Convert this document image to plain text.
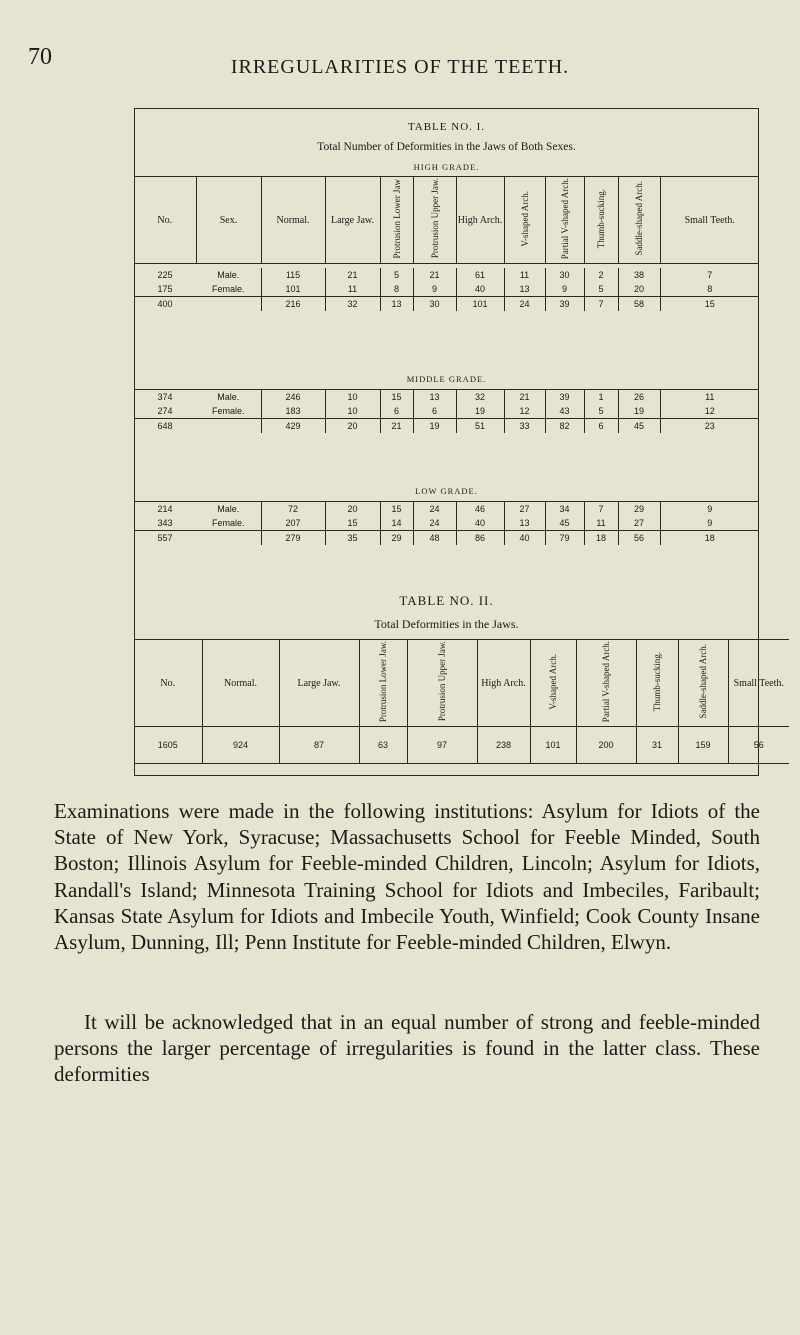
70	IRREGULARITIES OF THE TEETH.
TABLE NO. I.
Total Number of Deformities in the Jaws of Both Sexes.
HIGH GRADE.
No.	Sex.	Normal.	Large Jaw.	Protrusion Lower Jaw	Protrusion Upper Jaw.	High Arch.	V-shaped Arch.	Partial V-shaped Arch.	Thumb-sucking.	Saddle-shaped Arch.	Small Teeth.
225	Male.	115	21	5	21	61	11	30	2	38	7
175	Female.	101	11	8	9	40	13	9	5	20	8
400		216	32	13	30	101	24	39	7	58	15
MIDDLE GRADE.
374	Male.	246	10	15	13	32	21	39	1	26	11
274	Female.	183	10	6	6	19	12	43	5	19	12
648		429	20	21	19	51	33	82	6	45	23
LOW GRADE.
214	Male.	72	20	15	24	46	27	34	7	29	9
343	Female.	207	15	14	24	40	13	45	11	27	9
557		279	35	29	48	86	40	79	18	56	18
TABLE NO. II.
Total Deformities in the Jaws.
No.	Normal.	Large Jaw.	Protrusion Lower Jaw.	Protrusion Upper Jaw.	High Arch.	V-shaped Arch.	Partial V-shaped Arch.	Thumb-sucking.	Saddle-shaped Arch.	Small Teeth.
1605	924	87	63	97	238	101	200	31	159	56
Examinations were made in the following institutions: Asylum for Idiots of the State of New York, Syracuse; Massachusetts School for Feeble Minded, South Boston; Illinois Asylum for Feeble-minded Children, Lincoln; Asylum for Idiots, Randall's Island; Minnesota Training School for Idiots and Imbeciles, Faribault; Kansas State Asylum for Idiots and Imbecile Youth, Winfield; Cook County Insane Asylum, Dunning, Ill; Penn Institute for Feeble-minded Children, Elwyn.
It will be acknowledged that in an equal number of strong and feeble-minded persons the larger percentage of irregularities is found in the latter class. These deformities
